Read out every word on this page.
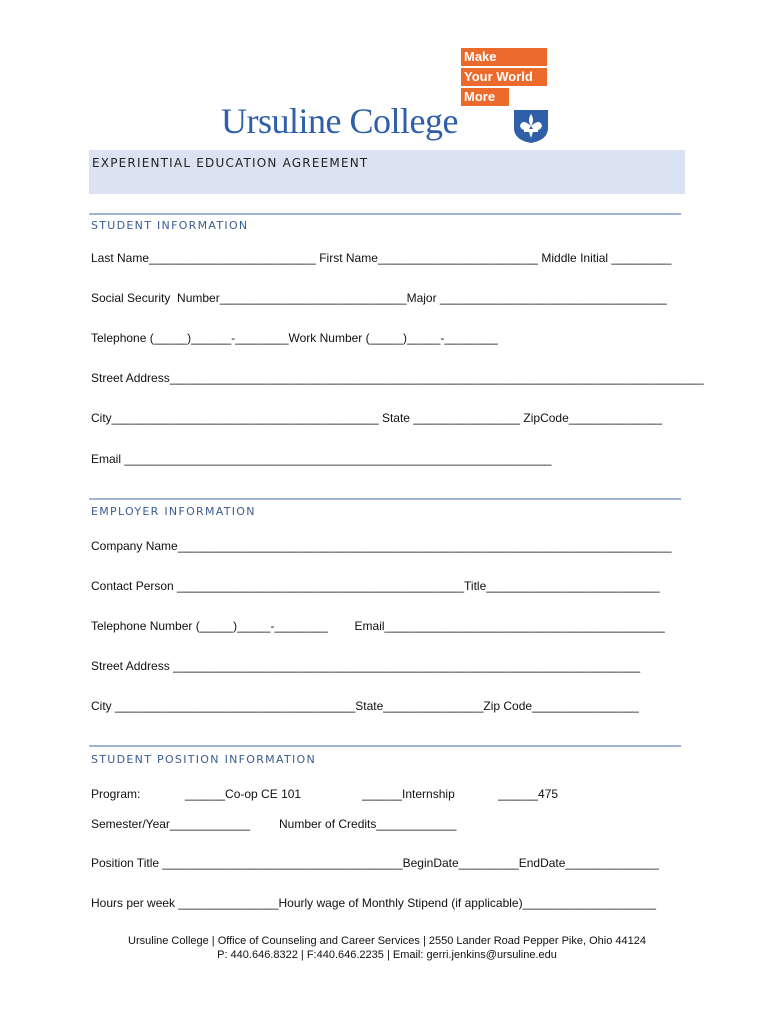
Make
Your World
More
Ursuline College
EXPERIENTIAL EDUCATION AGREEMENT
STUDENT INFORMATION
Last Name_________________________ First Name________________________ Middle Initial _________
Social Security  Number____________________________Major __________________________________
Telephone (_____)______-________Work Number (_____)_____-________
Street Address________________________________________________________________________________
City________________________________________ State ________________ ZipCode______________
Email ________________________________________________________________
EMPLOYER INFORMATION
Company Name__________________________________________________________________________
Contact Person ___________________________________________Title__________________________
Telephone Number (_____)_____-________        Email__________________________________________
Street Address ______________________________________________________________________
City ____________________________________State_______________Zip Code________________
STUDENT POSITION INFORMATION
Program:	______Co-op CE 101	______Internship	______475
Semester/Year____________ Number of Credits____________
Position Title ____________________________________BeginDate_________EndDate______________
Hours per week _______________Hourly wage of Monthly Stipend (if applicable)____________________
Ursuline College | Office of Counseling and Career Services | 2550 Lander Road Pepper Pike, Ohio 44124
P: 440.646.8322 | F:440.646.2235 | Email: gerri.jenkins@ursuline.edu
